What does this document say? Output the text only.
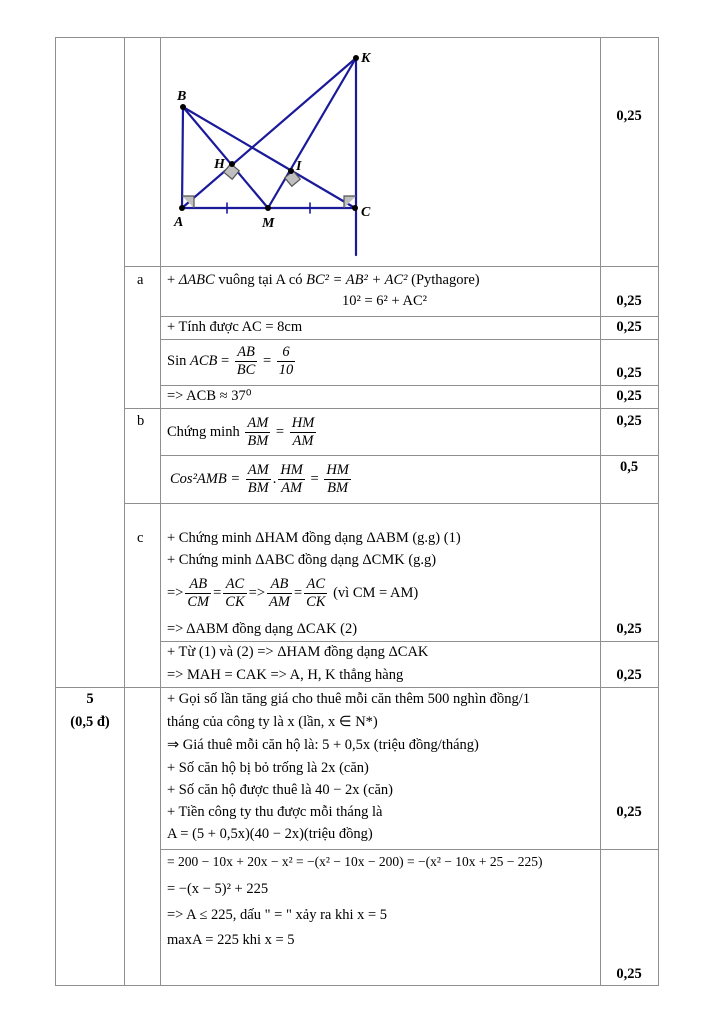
B
K
H	I
A	M
C
0,25
a + ΔABC vuông tại A có BC² = AB² + AC² (Pythagore)
10² = 6² + AC²	0,25
+ Tính được AC = 8cm	0,25
Sin ACB = $\frac{AB}{BC} = \frac{6}{10}$	0,25
=> ACB ≈ 37⁰	0,25
b
Chứng minh $\frac{AM}{BM} = \frac{HM}{AM}$	0,25
$Cos^2AMB = \frac{AM}{BM}$ . $\frac{HM}{AM} = \frac{HM}{BM}$	0,5
c + Chứng minh ΔHAM đồng dạng ΔABM (g.g) (1)
+ Chứng minh ΔABC đồng dạng ΔCMK (g.g)
=> $\frac{AB}{CM} = \frac{AC}{CK} => \frac{AB}{AM} = \frac{AC}{CK}$ (vì CM = AM)
=> ΔABM đồng dạng ΔCAK (2)	0,25
+ Từ (1) và (2) => ΔHAM đồng dạng ΔCAK
=> MAH = CAK => A, H, K thẳng hàng	0,25
5
(0,5 đ)
+ Gọi số lần tăng giá cho thuê mỗi căn thêm 500 nghìn đồng/1
tháng của công ty là x (lần, x ∈ N*)
⇒ Giá thuê mỗi căn hộ là: 5 + 0,5x (triệu đồng/tháng)
+ Số căn hộ bị bỏ trống là 2x (căn)
+ Số căn hộ được thuê là 40 − 2x (căn)
+ Tiền công ty thu được mỗi tháng là
A = (5 + 0,5x)(40 − 2x)(triệu đồng)
0,25
= 200 − 10x + 20x − x² = −(x² − 10x − 200) = −(x² − 10x + 25 − 225)
= −(x − 5)² + 225
=> A ≤ 225, dấu " = " xảy ra khi x = 5
maxA = 225 khi x = 5
0,25
